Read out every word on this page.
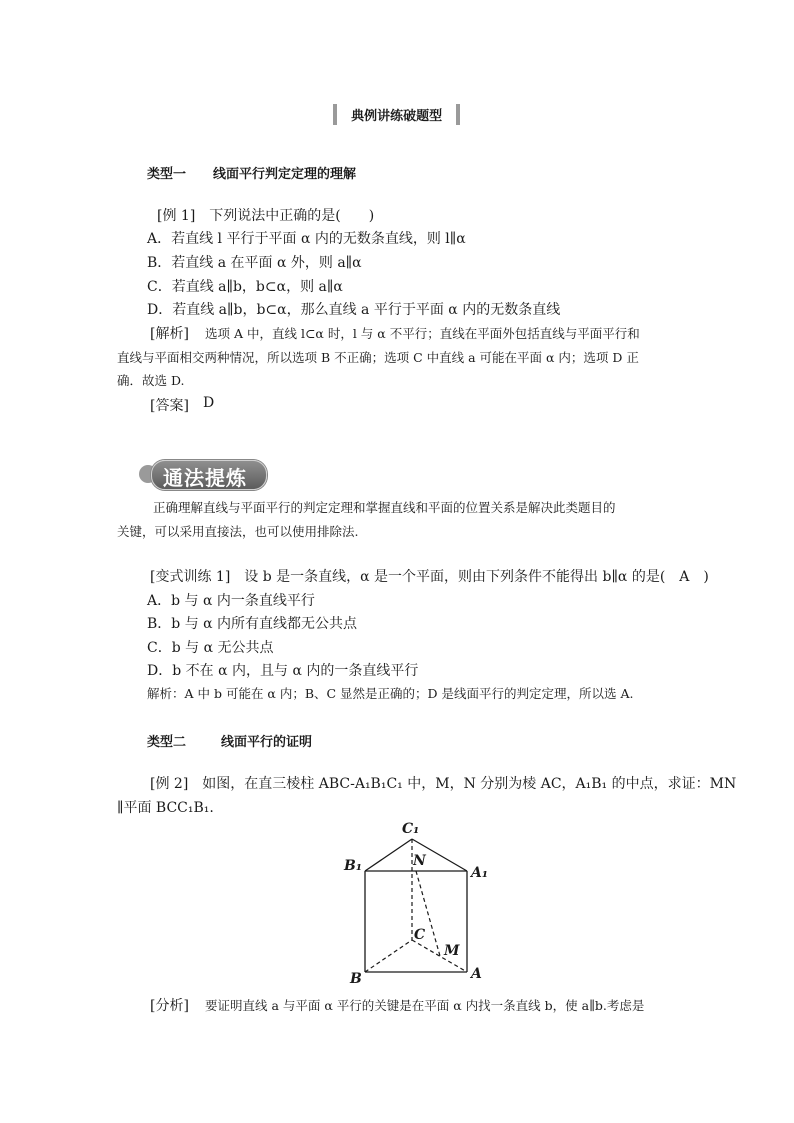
典例讲练破题型
类型一 线面平行判定定理的理解
[例 1]　下列说法中正确的是(　　)
A．若直线 l 平行于平面 α 内的无数条直线，则 l∥α
B．若直线 a 在平面 α 外，则 a∥α
C．若直线 a∥b，b⊂α，则 a∥α
D．若直线 a∥b，b⊂α，那么直线 a 平行于平面 α 内的无数条直线
[解析] 选项 A 中，直线 l⊂α 时，l 与 α 不平行；直线在平面外包括直线与平面平行和
直线与平面相交两种情况，所以选项 B 不正确；选项 C 中直线 a 可能在平面 α 内；选项 D 正
确．故选 D.
[答案] D
通法提炼
正确理解直线与平面平行的判定定理和掌握直线和平面的位置关系是解决此类题目的
关键，可以采用直接法，也可以使用排除法.
[变式训练 1]　设 b 是一条直线，α 是一个平面，则由下列条件不能得出 b∥α 的是(　A　)
A．b 与 α 内一条直线平行
B．b 与 α 内所有直线都无公共点
C．b 与 α 无公共点
D．b 不在 α 内，且与 α 内的一条直线平行
解析：A 中 b 可能在 α 内；B、C 显然是正确的；D 是线面平行的判定定理，所以选 A.
类型二	线面平行的证明
[例 2]　如图，在直三棱柱 ABC-A₁B₁C₁ 中，M，N 分别为棱 AC，A₁B₁ 的中点，求证：MN
∥平面 BCC₁B₁.
C₁
B₁	N
A₁
C
M
B	A
[分析] 要证明直线 a 与平面 α 平行的关键是在平面 α 内找一条直线 b，使 a∥b.考虑是
